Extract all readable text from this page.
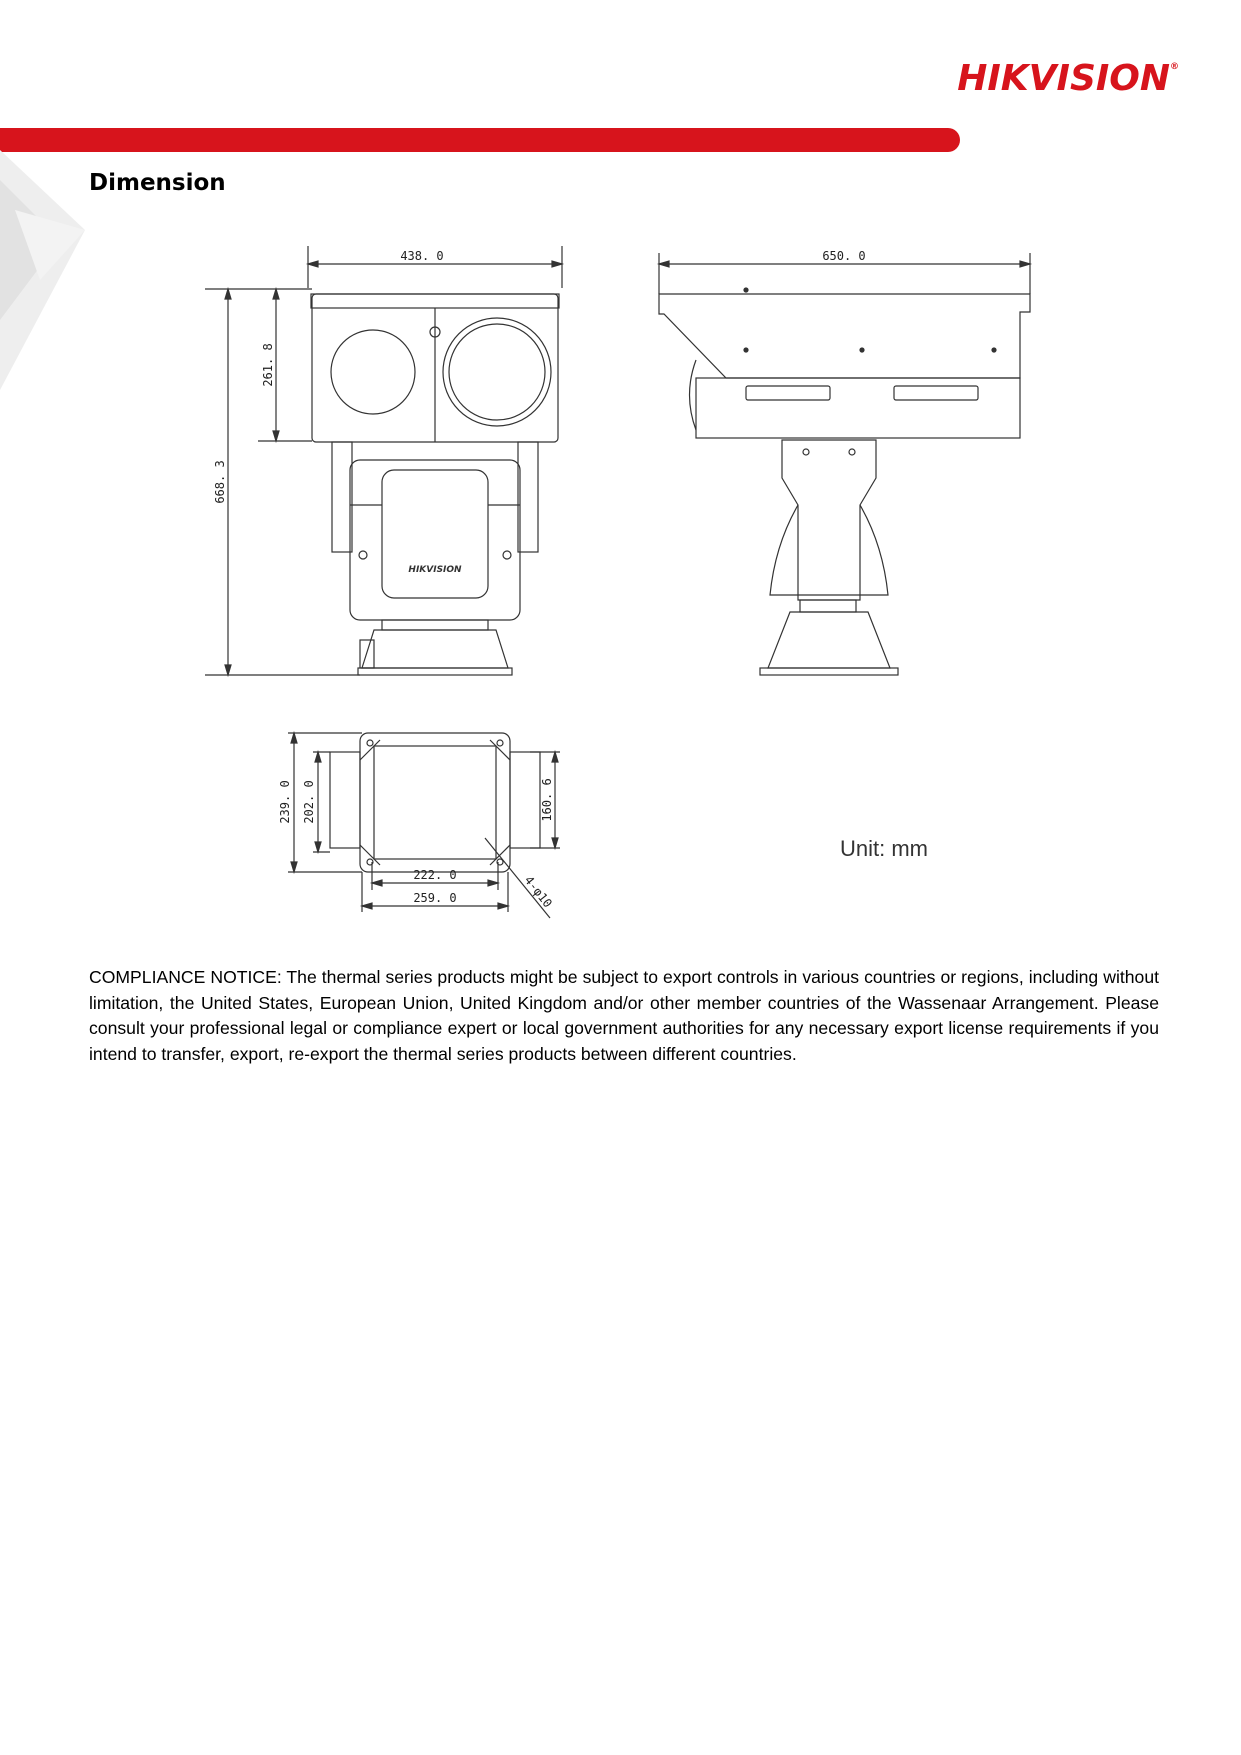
HIKVISION®
Dimension
438. 0	650. 0
261. 8
668. 3
239. 0 202. 0	160. 6
222. 0
259. 0	4-φ10
HIKVISION
Unit: mm
COMPLIANCE NOTICE: The thermal series products might be subject to export controls in various countries or regions, including without limitation, the United States, European Union, United Kingdom and/or other member countries of the Wassenaar Arrangement. Please consult your professional legal or compliance expert or local government authorities for any necessary export license requirements if you intend to transfer, export, re-export the thermal series products between different countries.
